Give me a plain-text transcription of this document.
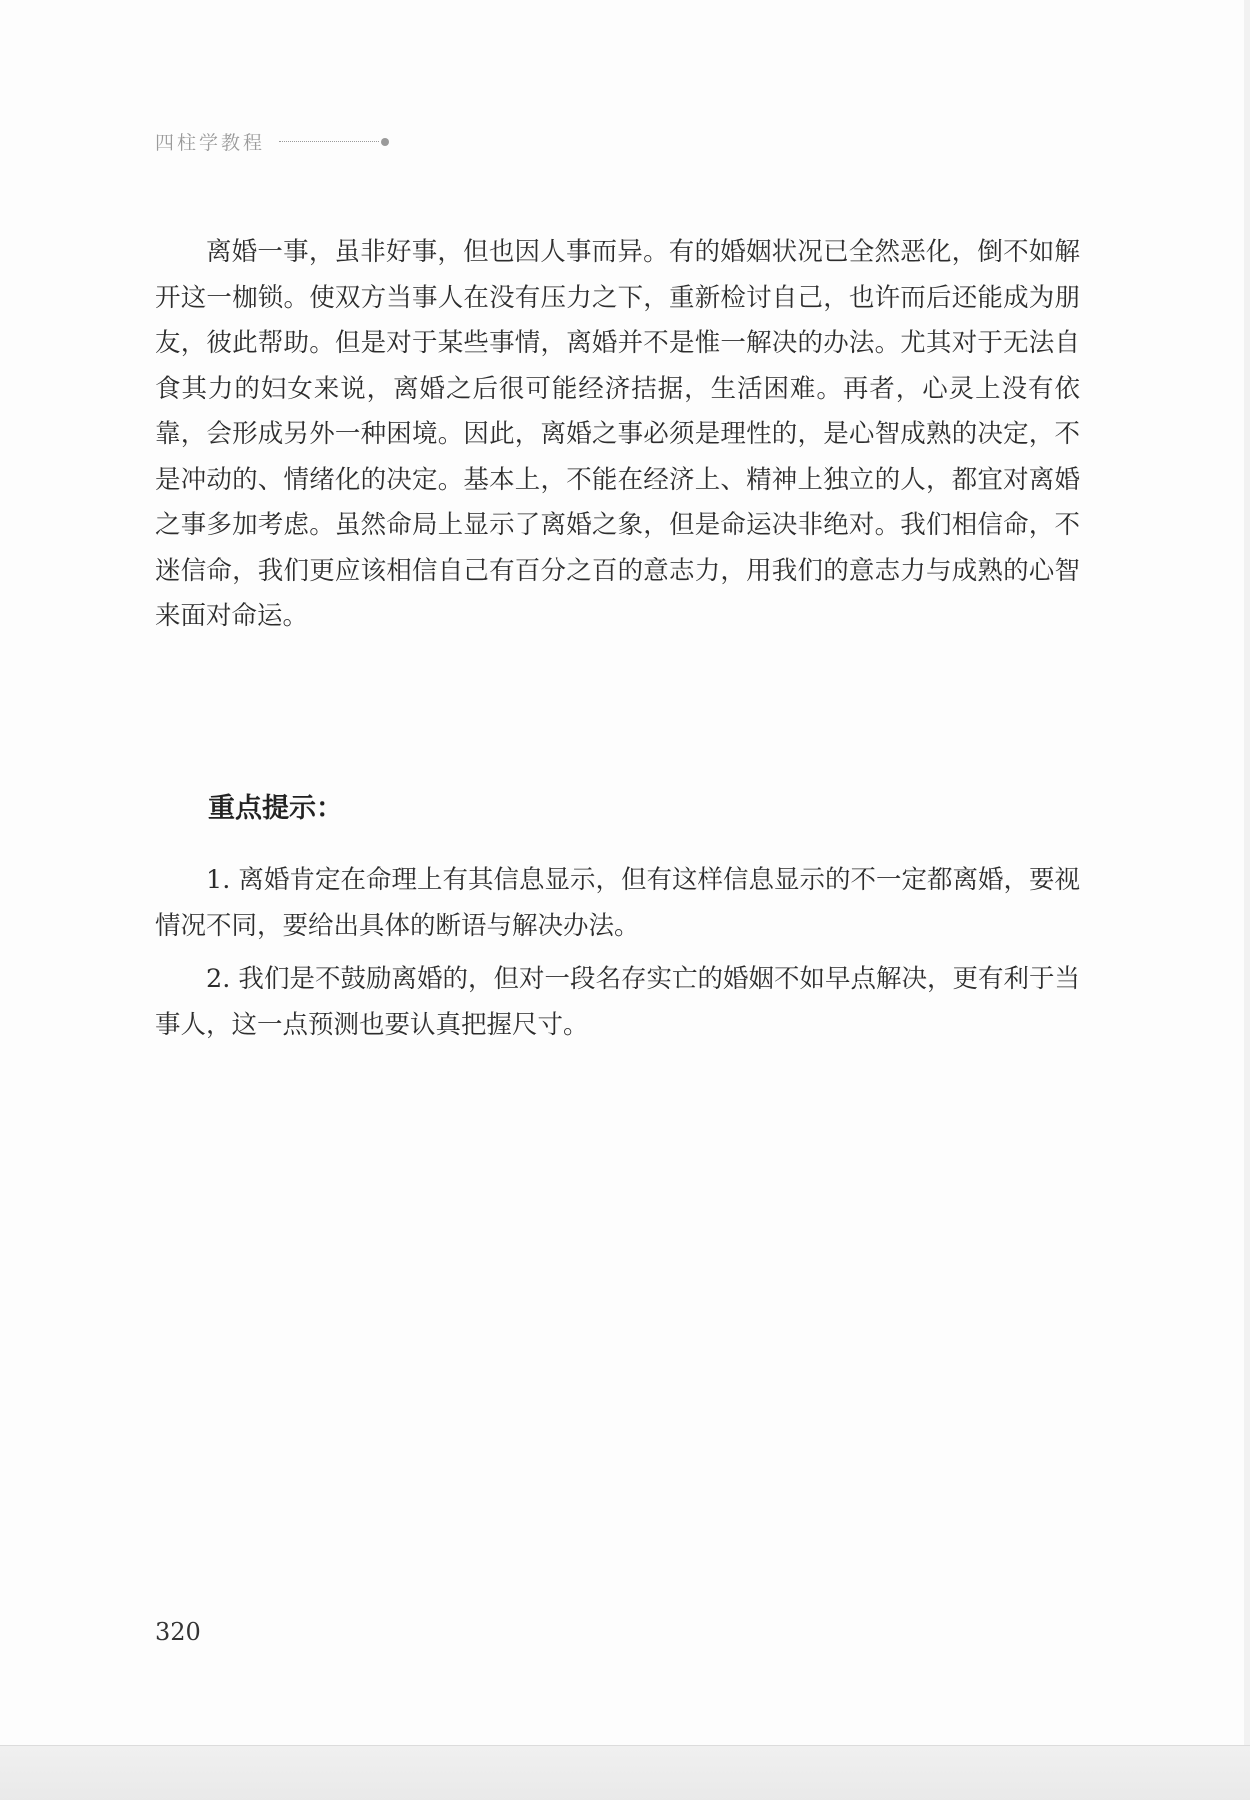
四柱学教程

离婚一事，虽非好事，但也因人事而异。有的婚姻状况已全然恶化，倒不如解开这一枷锁。使双方当事人在没有压力之下，重新检讨自己，也许而后还能成为朋友，彼此帮助。但是对于某些事情，离婚并不是惟一解决的办法。尤其对于无法自食其力的妇女来说，离婚之后很可能经济拮据，生活困难。再者，心灵上没有依靠，会形成另外一种困境。因此，离婚之事必须是理性的，是心智成熟的决定，不是冲动的、情绪化的决定。基本上，不能在经济上、精神上独立的人，都宜对离婚之事多加考虑。虽然命局上显示了离婚之象，但是命运决非绝对。我们相信命，不迷信命，我们更应该相信自己有百分之百的意志力，用我们的意志力与成熟的心智来面对命运。

重点提示：
1. 离婚肯定在命理上有其信息显示，但有这样信息显示的不一定都离婚，要视情况不同，要给出具体的断语与解决办法。
2. 我们是不鼓励离婚的，但对一段名存实亡的婚姻不如早点解决，更有利于当事人，这一点预测也要认真把握尺寸。
320
